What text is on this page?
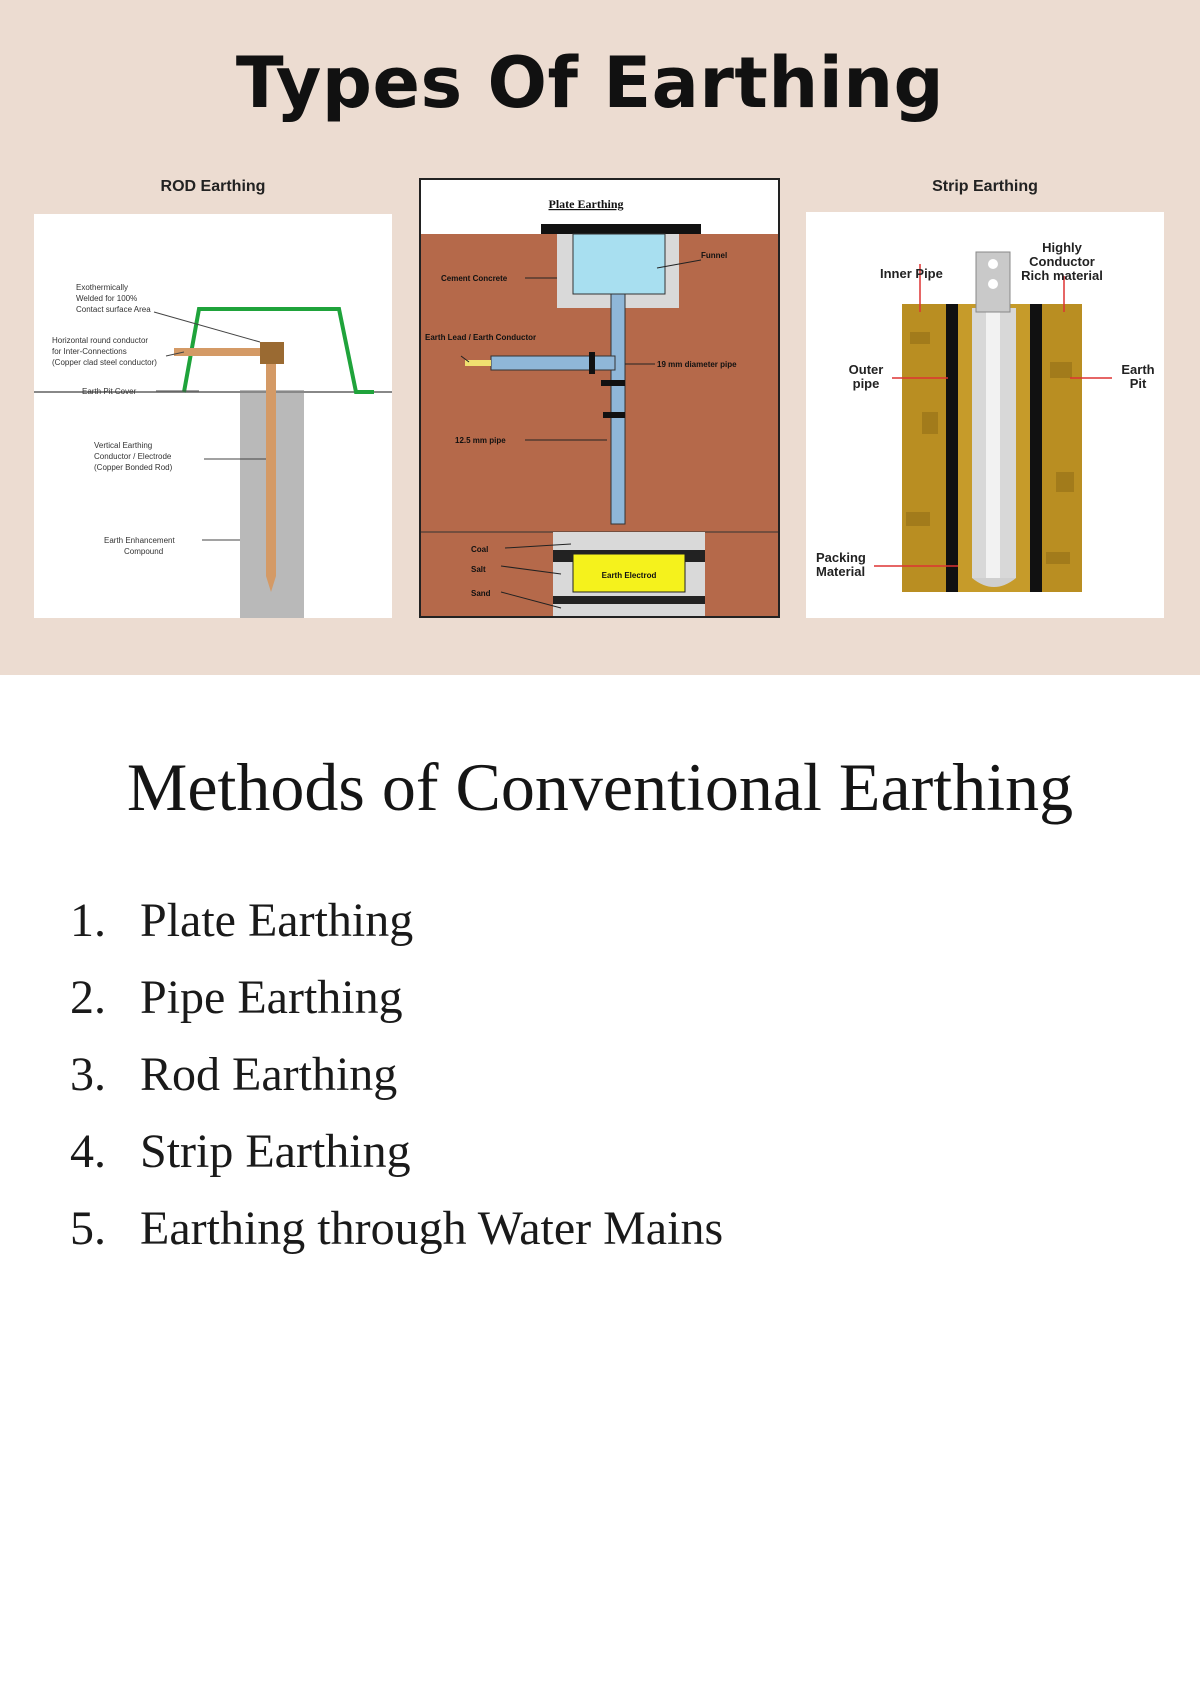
Types Of Earthing
ROD Earthing
Exothermically
Welded for 100%
Contact surface Area
Horizontal round conductor
for Inter-Connections
(Copper clad steel conductor)
Earth Pit Cover
Vertical Earthing
Conductor / Electrode
(Copper Bonded Rod)
Earth Enhancement
Compound
Plate Earthing
Cement Concrete
Funnel
Earth Lead / Earth Conductor
19 mm diameter pipe
12.5 mm pipe
Coal
Salt
Sand
Earth Electrod
Strip Earthing
Inner Pipe
Highly
Conductor
Rich material
Outer
pipe
Earth
Pit
Packing
Material
Methods of Conventional Earthing
1. Plate Earthing
2. Pipe Earthing
3. Rod Earthing
4. Strip Earthing
5. Earthing through Water Mains
